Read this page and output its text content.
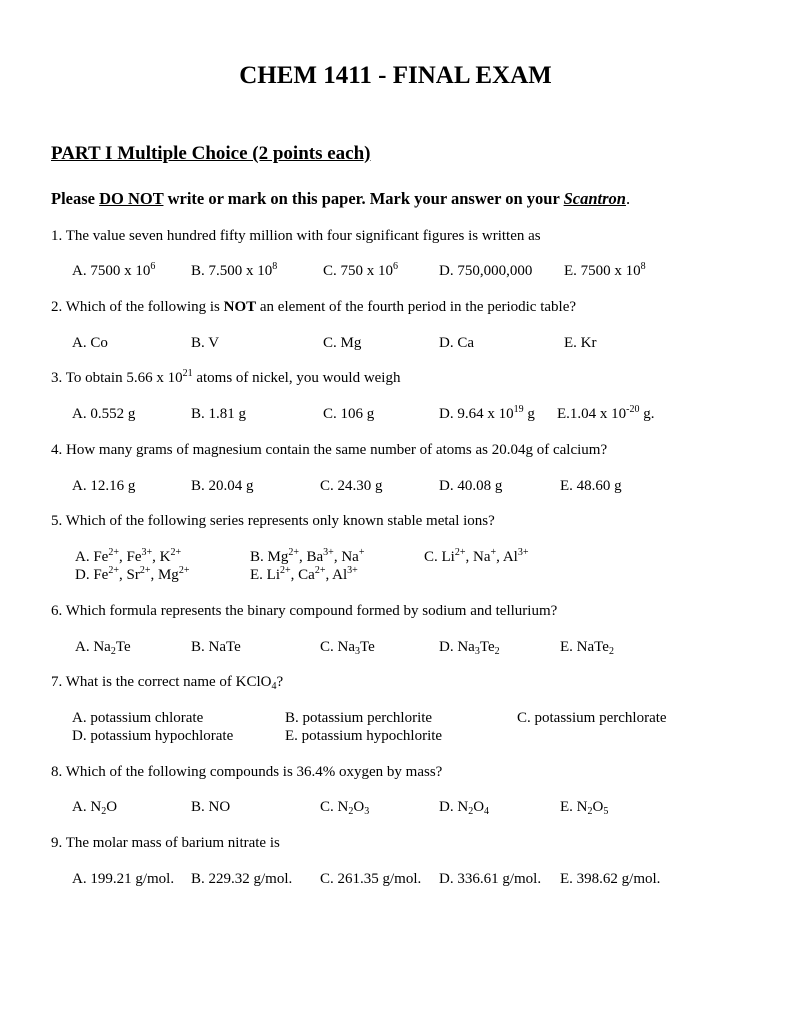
CHEM 1411 - FINAL EXAM
PART I Multiple Choice (2 points each)
Please DO NOT write or mark on this paper. Mark your answer on your Scantron.
1. The value seven hundred fifty million with four significant figures is written as
A. 7500 x $10^6$ B. 7.500 x $10^8$	C. 750 x $10^6$	D. 750,000,000 E. 7500 x $10^8$
2. Which of the following is NOT an element of the fourth period in the periodic table?
A. Co	B. V	C. Mg	D. Ca	E. Kr
3. To obtain 5.66 x $10^{21}$ atoms of nickel, you would weigh
A. 0.552 g	B. 1.81 g	C. 106 g	D. 9.64 x $10^{19}$ g E.1.04 x $10^{-20}$ g.
4. How many grams of magnesium contain the same number of atoms as 20.04g of calcium?
A. 12.16 g	B. 20.04 g	C. 24.30 g	D. 40.08 g	E. 48.60 g
5. Which of the following series represents only known stable metal ions?
A. $Fe^{2+}$, $Fe^{3+}$, $K^{2+}$	B. $Mg^{2+}$, $Ba^{3+}$, Na+	C. $Li^{2+}$, Na+, $Al^{3+}$
D. $Fe^{2+}$, $Sr^{2+}$, $Mg^{2+}$	E. $Li^{2+}$, $Ca^{2+}$, $Al^{3+}$
6. Which formula represents the binary compound formed by sodium and tellurium?
A. $Na_2Te$	B. NaTe	C. $Na_3Te$	D. $Na_3Te_2$	E. NaTe$_2$
7. What is the correct name of KClO$_4$?
A. potassium chlorate	B. potassium perchlorite	C. potassium perchlorate
D. potassium hypochlorate	E. potassium hypochlorite
8. Which of the following compounds is 36.4% oxygen by mass?
A. $N_2O$	B. NO	C. $N_2O_3$	D. $N_2O_4$	E. $N_2O_5$
9. The molar mass of barium nitrate is
A. 199.21 g/mol. B. 229.32 g/mol. C. 261.35 g/mol. D. 336.61 g/mol. E. 398.62 g/mol.
